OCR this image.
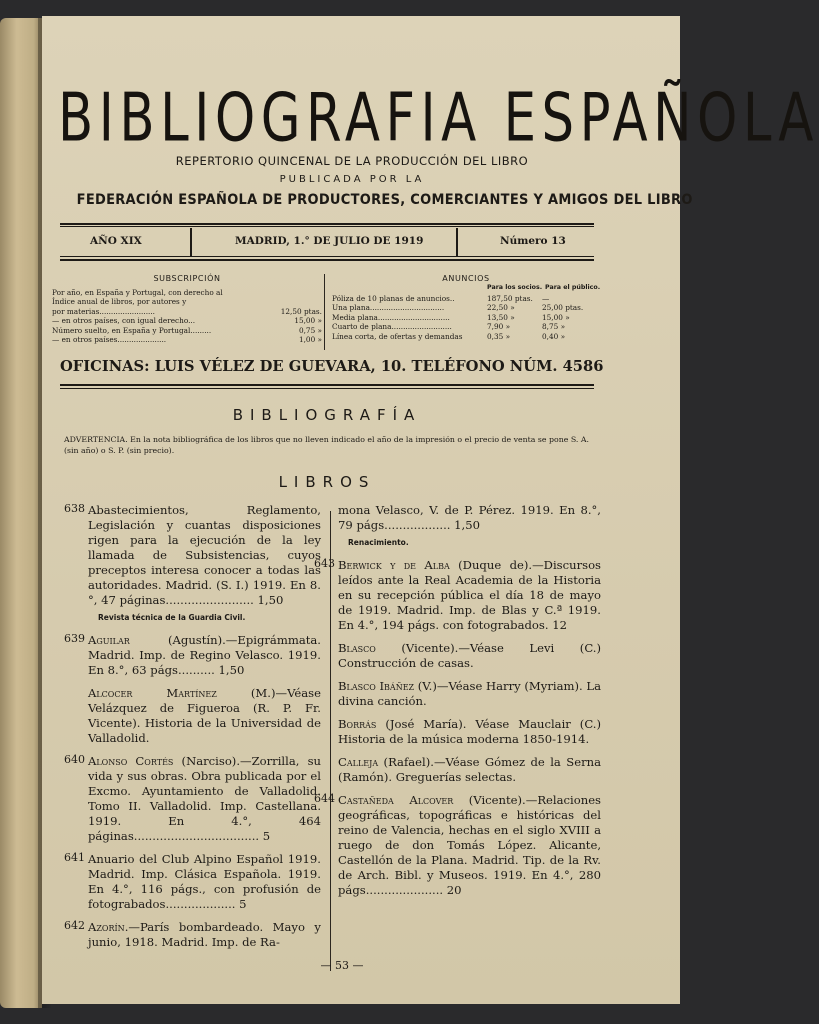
BIBLIOGRAFIA ESPAÑOLA
REPERTORIO QUINCENAL DE LA PRODUCCIÓN DEL LIBRO
PUBLICADA POR LA
FEDERACIÓN ESPAÑOLA DE PRODUCTORES, COMERCIANTES Y AMIGOS DEL LIBRO
AÑO XIX	MADRID, 1.° DE JULIO DE 1919	Número 13
SUBSCRIPCIÓN
Por año, en España y Portugal, con derecho al
Índice anual de libros, por autores y
por materias........................	12,50 ptas.
— en otros países, con igual derecho...	15,00 »
Número suelto, en España y Portugal.........	0,75 »
— en otros países.....................	1,00 »
ANUNCIOS
Para los socios. Para el público.
Póliza de 10 planas de anuncios..	187,50 ptas. —
Una plana................................	22,50 »	25,00 ptas.
Media plana...............................	13,50 »	15,00 »
Cuarto de plana..........................	7,90 »	8,75 »
Línea corta, de ofertas y demandas	0,35 »	0,40 »
OFICINAS: LUIS VÉLEZ DE GUEVARA, 10. TELÉFONO NÚM. 4586
BIBLIOGRAFÍA
ADVERTENCIA. En la nota bibliográfica de los libros que no lleven indicado el año de la impresión o el precio de venta se pone S. A. (sin año) o S. P. (sin precio).
LIBROS
638 Abastecimientos, Reglamento, Legislación y cuantas disposiciones rigen para la ejecución de la ley llamada de Subsistencias, cuyos preceptos interesa conocer a todas las autoridades. Madrid. (S. I.) 1919. En 8.°, 47 páginas........................ 1,50
Revista técnica de la Guardia Civil.
639 Aguilar (Agustín).—Epigrámmata. Madrid. Imp. de Regino Velasco. 1919. En 8.°, 63 págs.......... 1,50
Alcocer Martínez (M.)—Véase Velázquez de Figueroa (R. P. Fr. Vicente). Historia de la Universidad de Valladolid.
640 Alonso Cortés (Narciso).—Zorrilla, su vida y sus obras. Obra publicada por el Excmo. Ayuntamiento de Valladolid. Tomo II. Valladolid. Imp. Castellana. 1919. En 4.°, 464 páginas.................................. 5
641 Anuario del Club Alpino Español 1919. Madrid. Imp. Clásica Española. 1919. En 4.°, 116 págs., con profusión de fotograbados................... 5
642 Azorín.—París bombardeado. Mayo y junio, 1918. Madrid. Imp. de Ra-
mona Velasco, V. de P. Pérez. 1919. En 8.°, 79 págs.................. 1,50
Renacimiento.
643 Berwick y de Alba (Duque de).—Discursos leídos ante la Real Academia de la Historia en su recepción pública el día 18 de mayo de 1919. Madrid. Imp. de Blas y C.ª 1919. En 4.°, 194 págs. con fotograbados. 12
Blasco (Vicente).—Véase Levi (C.) Construcción de casas.
Blasco Ibáñez (V.)—Véase Harry (Myriam). La divina canción.
Borrás (José María). Véase Mauclair (C.) Historia de la música moderna 1850-1914.
Calleja (Rafael).—Véase Gómez de la Serna (Ramón). Greguerías selectas.
644 Castañeda Alcover (Vicente).—Relaciones geográficas, topográficas e históricas del reino de Valencia, hechas en el siglo XVIII a ruego de don Tomás López. Alicante, Castellón de la Plana. Madrid. Tip. de la Rv. de Arch. Bibl. y Museos. 1919. En 4.°, 280 págs..................... 20
— 53 —
